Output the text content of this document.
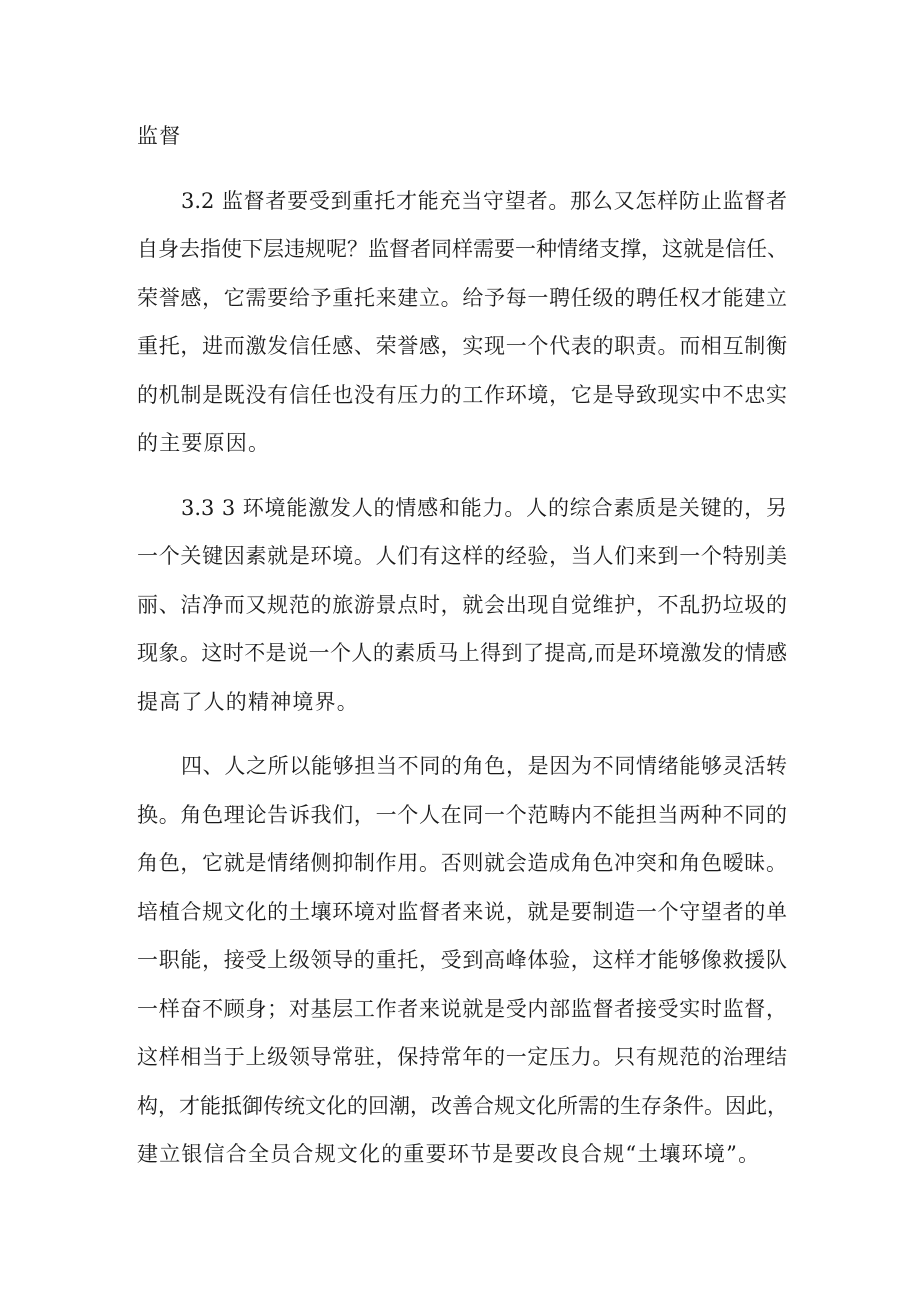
监督
3.2 监督者要受到重托才能充当守望者。那么又怎样防止监督者
自身去指使下层违规呢？监督者同样需要一种情绪支撑，这就是信任、
荣誉感，它需要给予重托来建立。给予每一聘任级的聘任权才能建立
重托，进而激发信任感、荣誉感，实现一个代表的职责。而相互制衡
的机制是既没有信任也没有压力的工作环境，它是导致现实中不忠实
的主要原因。
3.3 3 环境能激发人的情感和能力。人的综合素质是关键的，另
一个关键因素就是环境。人们有这样的经验，当人们来到一个特别美
丽、洁净而又规范的旅游景点时，就会出现自觉维护，不乱扔垃圾的
现象。这时不是说一个人的素质马上得到了提高,而是环境激发的情感
提高了人的精神境界。
四、人之所以能够担当不同的角色，是因为不同情绪能够灵活转
换。角色理论告诉我们，一个人在同一个范畴内不能担当两种不同的
角色，它就是情绪侧抑制作用。否则就会造成角色冲突和角色暧昧。
培植合规文化的土壤环境对监督者来说，就是要制造一个守望者的单
一职能，接受上级领导的重托，受到高峰体验，这样才能够像救援队
一样奋不顾身；对基层工作者来说就是受内部监督者接受实时监督，
这样相当于上级领导常驻，保持常年的一定压力。只有规范的治理结
构，才能抵御传统文化的回潮，改善合规文化所需的生存条件。因此，
建立银信合全员合规文化的重要环节是要改良合规“土壤环境”。
